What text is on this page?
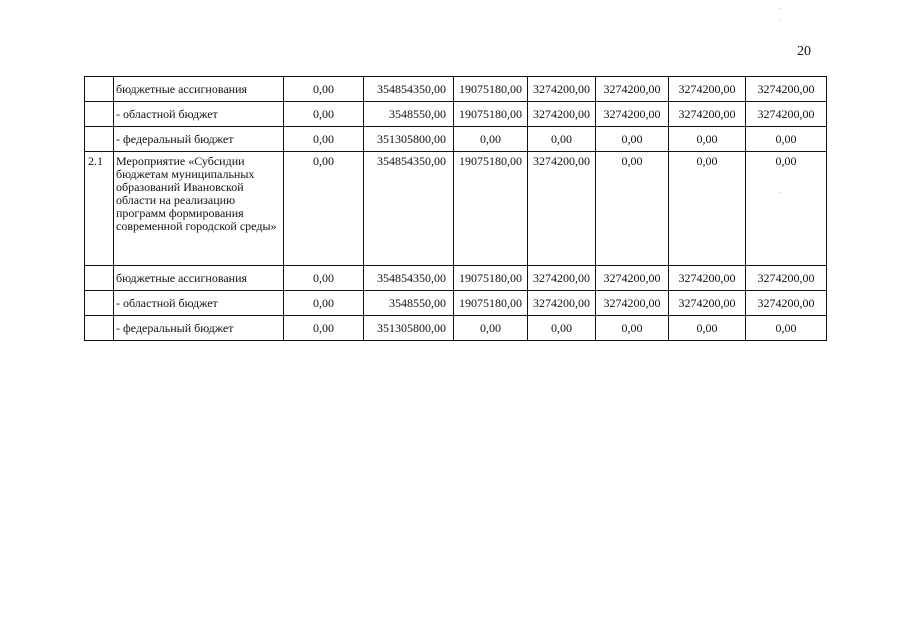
20
	бюджетные ассигнования	0,00	354854350,00	19075180,00	3274200,00	3274200,00	3274200,00	3274200,00
	- областной бюджет	0,00	3548550,00	19075180,00	3274200,00	3274200,00	3274200,00	3274200,00
	- федеральный бюджет	0,00	351305800,00	0,00	0,00	0,00	0,00	0,00
2.1	Мероприятие «Субсидии бюджетам муниципальных образований Ивановской области на реализацию программ формирования современной городской среды»	0,00	354854350,00	19075180,00	3274200,00	0,00	0,00	0,00
	бюджетные ассигнования	0,00	354854350,00	19075180,00	3274200,00	3274200,00	3274200,00	3274200,00
	- областной бюджет	0,00	3548550,00	19075180,00	3274200,00	3274200,00	3274200,00	3274200,00
	- федеральный бюджет	0,00	351305800,00	0,00	0,00	0,00	0,00	0,00
